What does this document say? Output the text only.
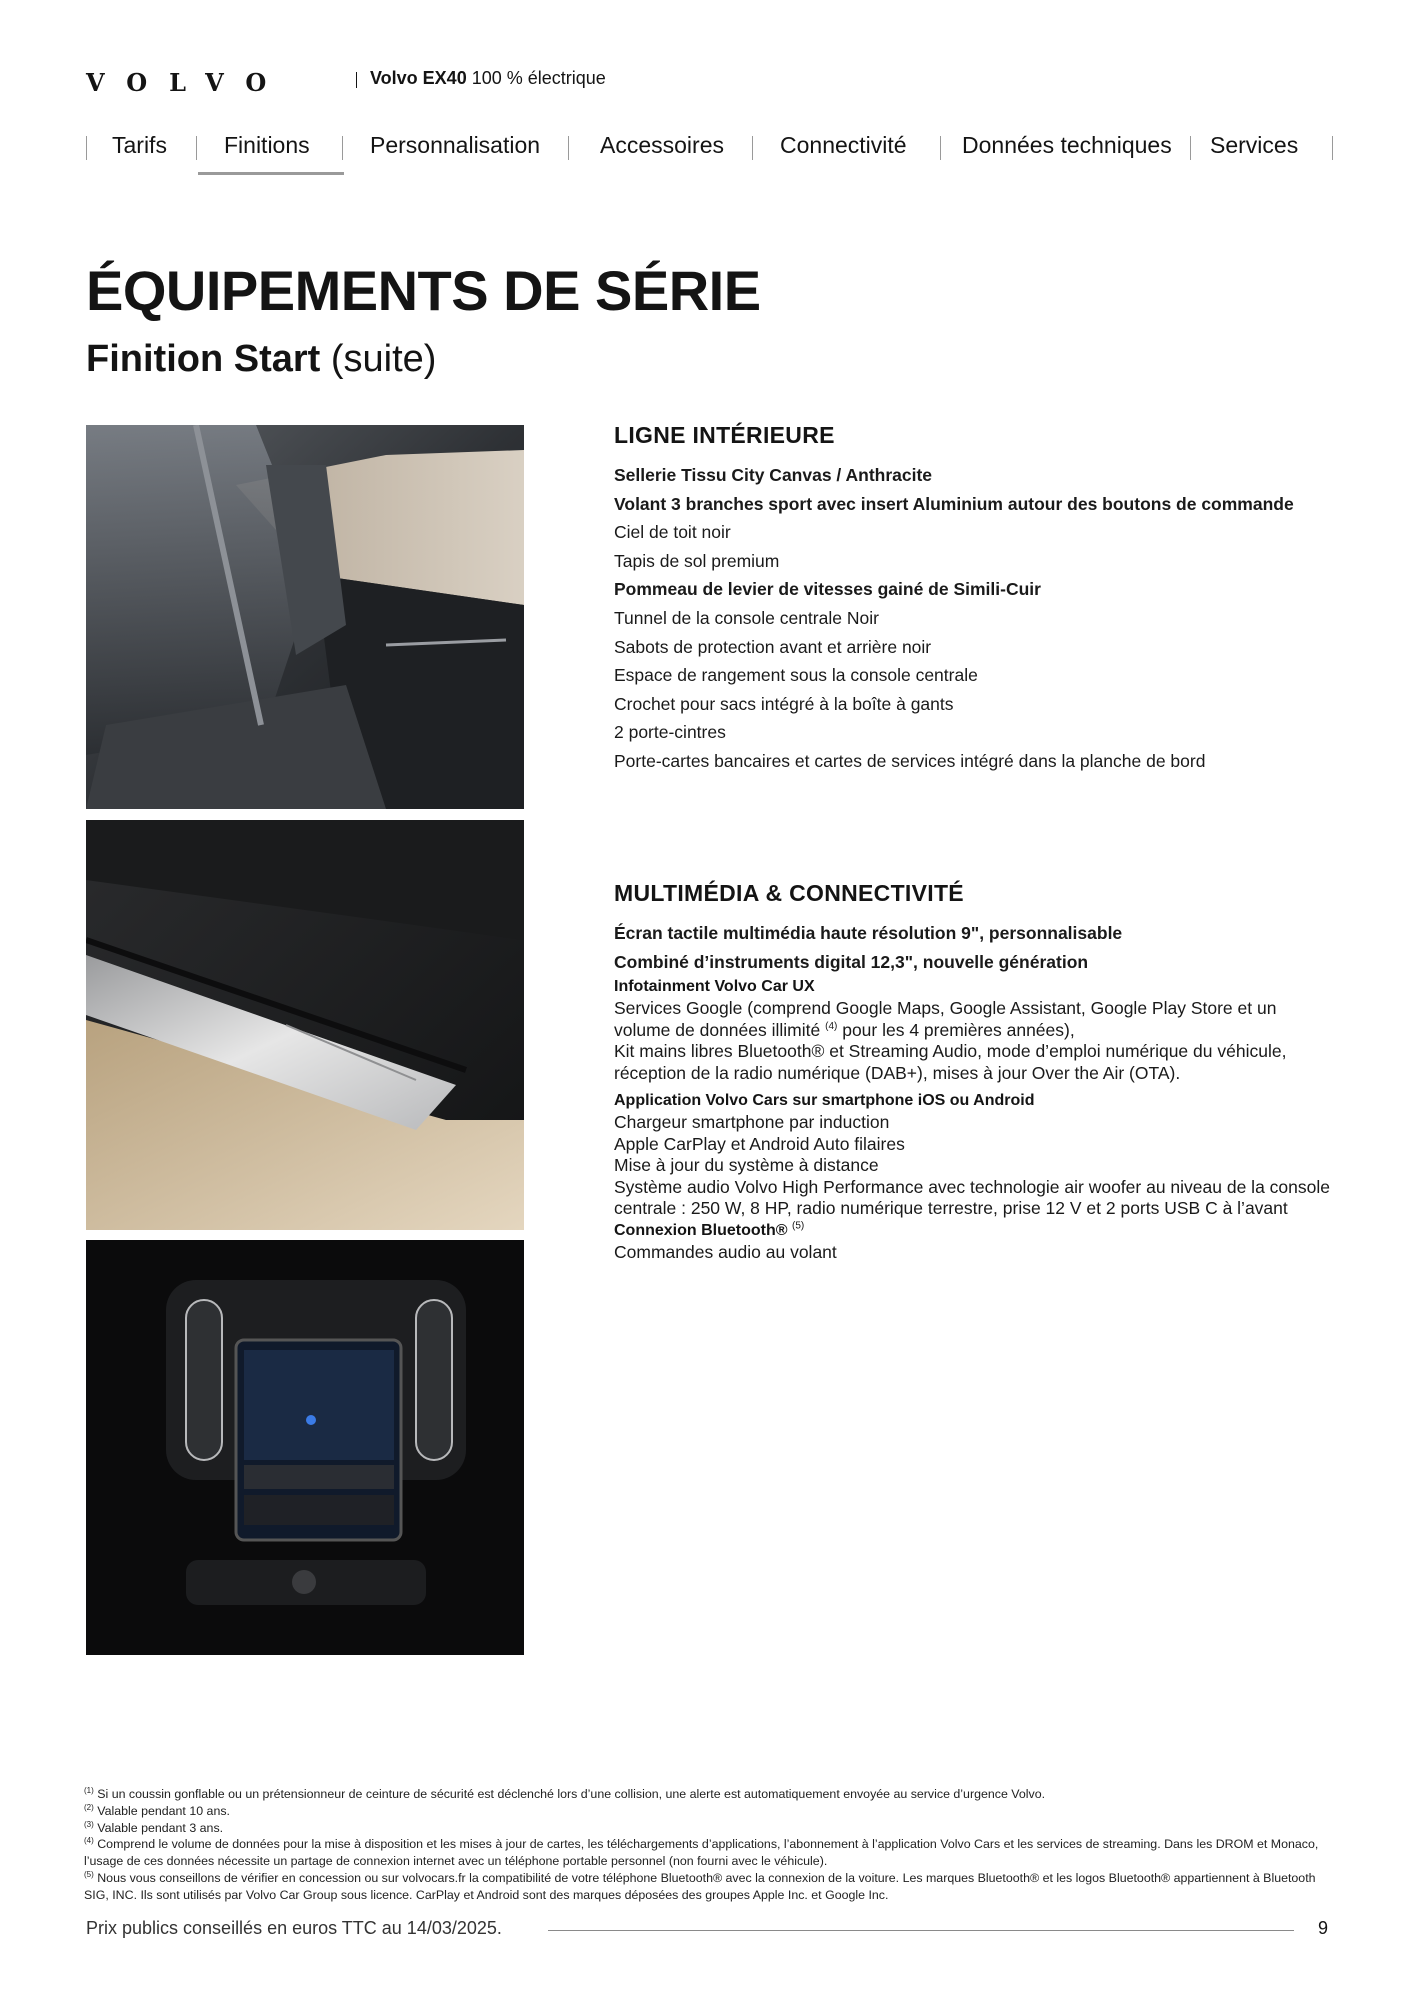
VOLVO	Volvo EX40 100 % électrique
Tarifs Finitions	Personnalisation	Accessoires Connectivité Données techniques Services
ÉQUIPEMENTS DE SÉRIE
Finition Start (suite)
LIGNE INTÉRIEURE
Sellerie Tissu City Canvas / Anthracite
Volant 3 branches sport avec insert Aluminium autour des boutons de commande
Ciel de toit noir
Tapis de sol premium
Pommeau de levier de vitesses gainé de Simili-Cuir
Tunnel de la console centrale Noir
Sabots de protection avant et arrière noir
Espace de rangement sous la console centrale
Crochet pour sacs intégré à la boîte à gants
2 porte-cintres
Porte-cartes bancaires et cartes de services intégré dans la planche de bord
MULTIMÉDIA & CONNECTIVITÉ
Écran tactile multimédia haute résolution 9", personnalisable
Combiné d’instruments digital 12,3", nouvelle génération
Infotainment Volvo Car UX
Services Google (comprend Google Maps, Google Assistant, Google Play Store et un volume de données illimité $^{(4)}$ pour les 4 premières années),
Kit mains libres Bluetooth® et Streaming Audio, mode d’emploi numérique du véhicule, réception de la radio numérique (DAB+), mises à jour Over the Air (OTA).
Application Volvo Cars sur smartphone iOS ou Android
Chargeur smartphone par induction
Apple CarPlay et Android Auto filaires
Mise à jour du système à distance
Système audio Volvo High Performance avec technologie air woofer au niveau de la console centrale : 250 W, 8 HP, radio numérique terrestre, prise 12 V et 2 ports USB C à l’avant
Connexion Bluetooth® $^{(5)}$
Commandes audio au volant
$^{(1)}$ Si un coussin gonflable ou un prétensionneur de ceinture de sécurité est déclenché lors d’une collision, une alerte est automatiquement envoyée au service d’urgence Volvo.
$^{(2)}$ Valable pendant 10 ans.
$^{(3)}$ Valable pendant 3 ans.
$^{(4)}$ Comprend le volume de données pour la mise à disposition et les mises à jour de cartes, les téléchargements d’applications, l’abonnement à l’application Volvo Cars et les services de streaming. Dans les DROM et Monaco, l’usage de ces données nécessite un partage de connexion internet avec un téléphone portable personnel (non fourni avec le véhicule).
$^{(5)}$ Nous vous conseillons de vérifier en concession ou sur volvocars.fr la compatibilité de votre téléphone Bluetooth® avec la connexion de la voiture. Les marques Bluetooth® et les logos Bluetooth® appartiennent à Bluetooth SIG, INC. Ils sont utilisés par Volvo Car Group sous licence. CarPlay et Android sont des marques déposées des groupes Apple Inc. et Google Inc.
Prix publics conseillés en euros TTC au 14/03/2025.	9
